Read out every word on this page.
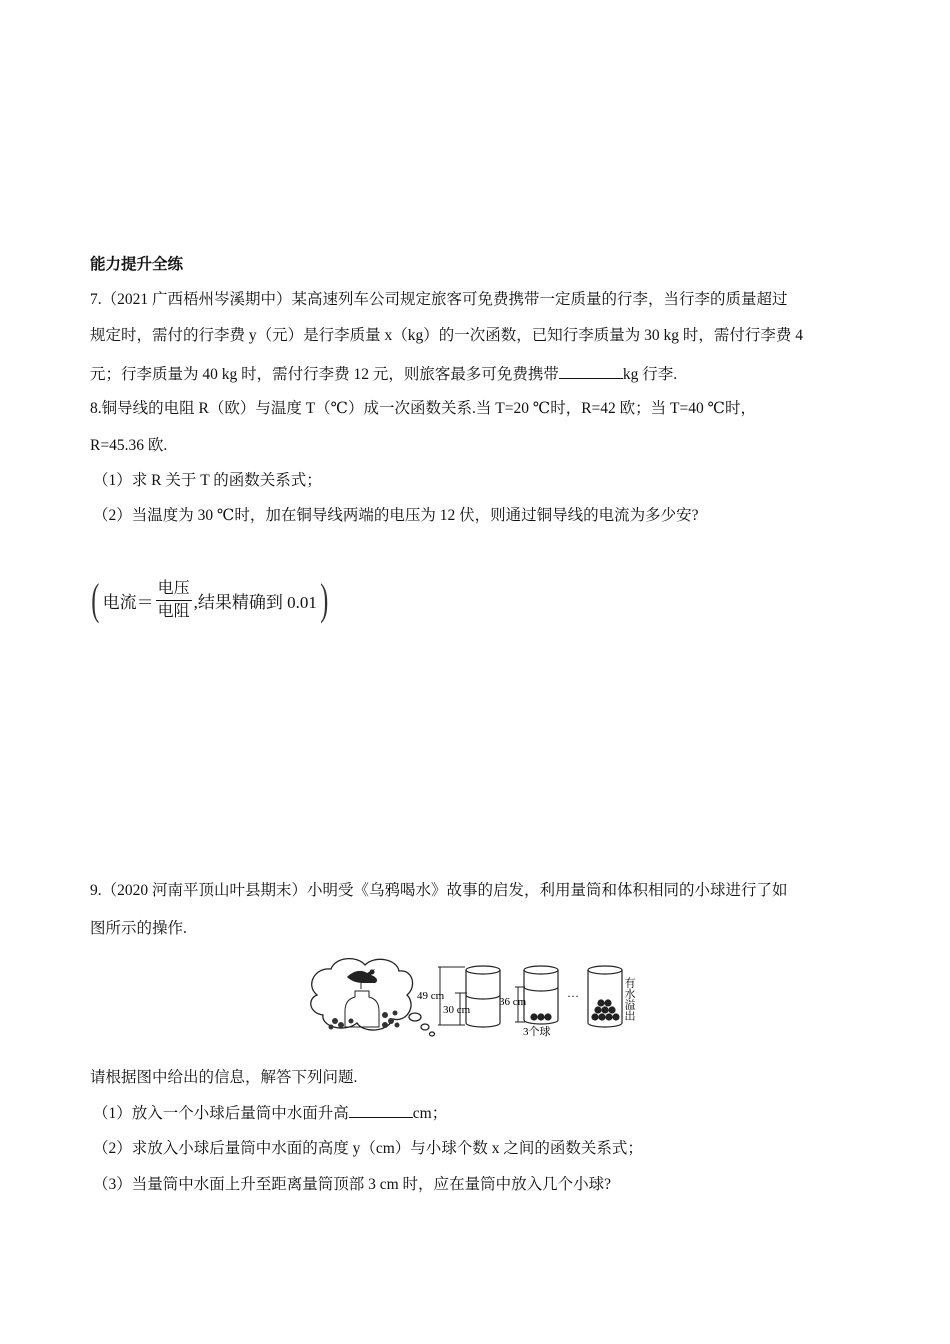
能力提升全练
7.（2021 广西梧州岑溪期中）某高速列车公司规定旅客可免费携带一定质量的行李，当行李的质量超过
规定时，需付的行李费 y（元）是行李质量 x（kg）的一次函数，已知行李质量为 30 kg 时，需付行李费 4
元；行李质量为 40 kg 时，需付行李费 12 元，则旅客最多可免费携带	kg 行李.
8.铜导线的电阻 R（欧）与温度 T（℃）成一次函数关系.当 T=20 ℃时，R=42 欧；当 T=40 ℃时，
R=45.36 欧.
（1）求 R 关于 T 的函数关系式；
（2）当温度为 30 ℃时，加在铜导线两端的电压为 12 伏，则通过铜导线的电流为多少安?
( 电流＝ $\frac{\text{电压}}{\text{电阻}}$ ,结果精确到 0.01 )
9.（2020 河南平顶山叶县期末）小明受《乌鸦喝水》故事的启发，利用量筒和体积相同的小球进行了如
图所示的操作.
49 cm
30 cm
36 cm
3个球
…	有水溢出
请根据图中给出的信息，解答下列问题.
（1）放入一个小球后量筒中水面升高	cm；
（2）求放入小球后量筒中水面的高度 y（cm）与小球个数 x 之间的函数关系式；
（3）当量筒中水面上升至距离量筒顶部 3 cm 时，应在量筒中放入几个小球?
